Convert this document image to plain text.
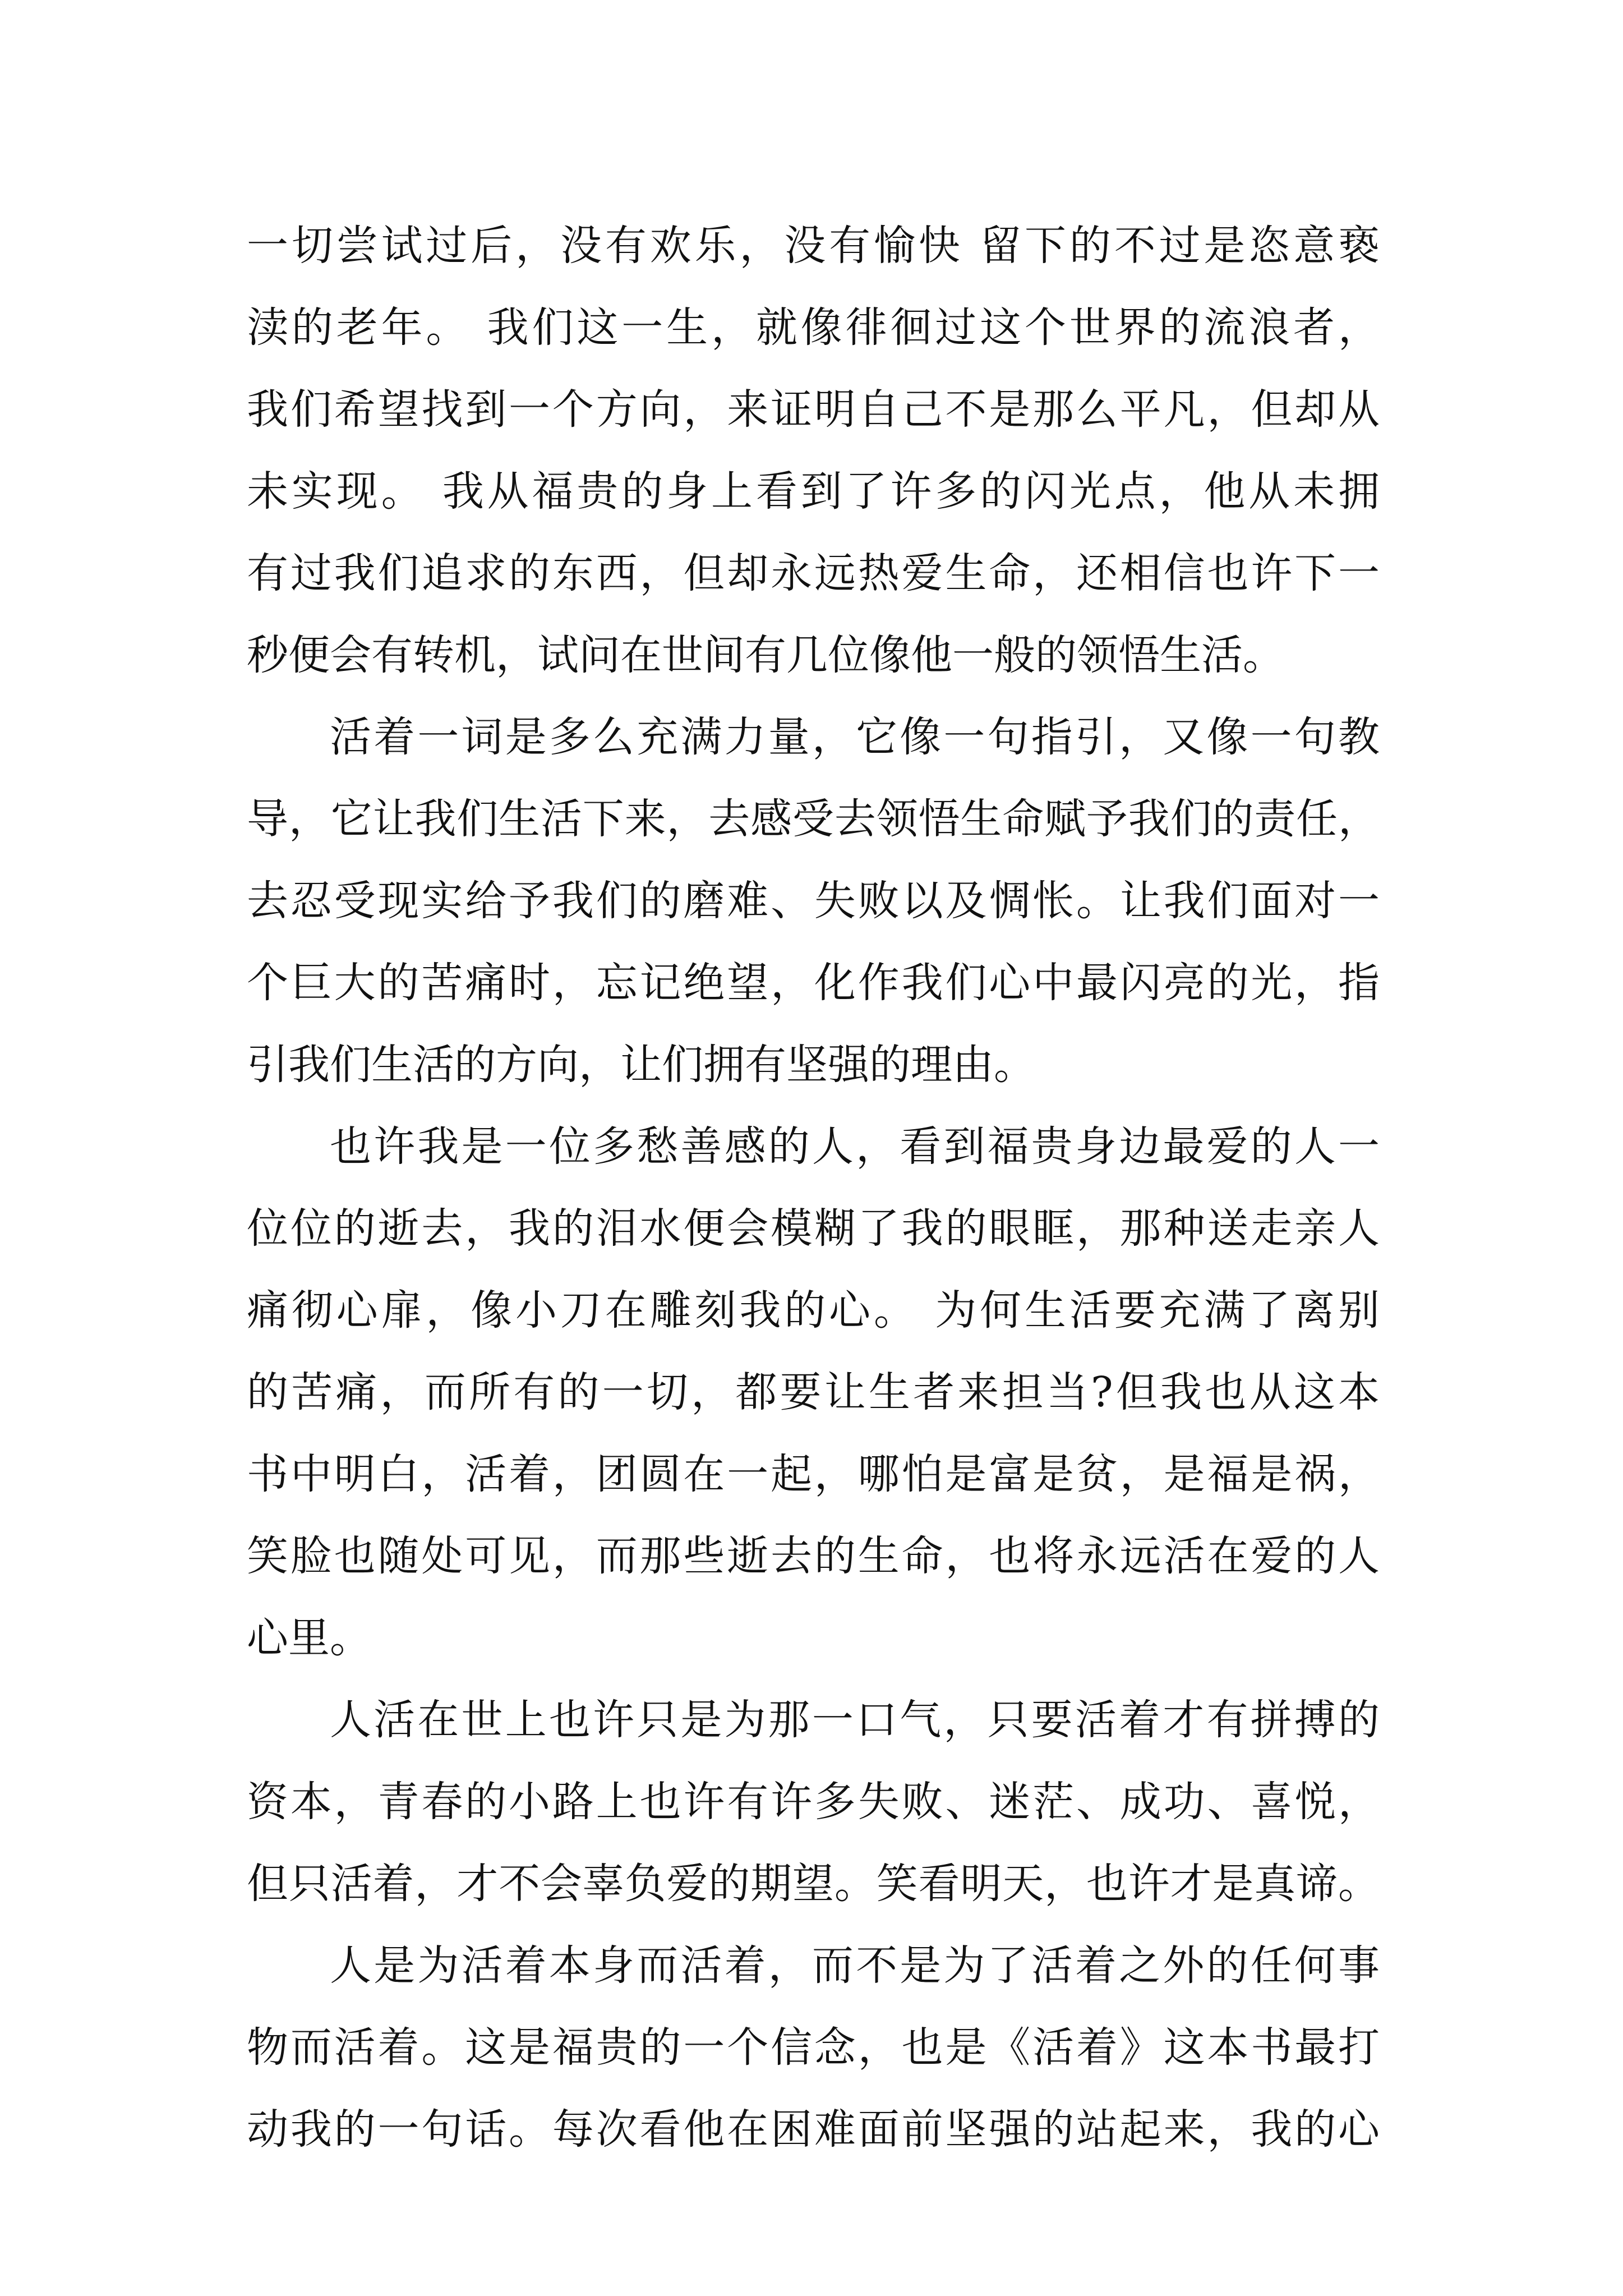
一切尝试过后，没有欢乐，没有愉快 留下的不过是恣意亵
渎的老年。 我们这一生，就像徘徊过这个世界的流浪者，
我们希望找到一个方向，来证明自己不是那么平凡，但却从
未实现。 我从福贵的身上看到了许多的闪光点，他从未拥
有过我们追求的东西，但却永远热爱生命，还相信也许下一
秒便会有转机，试问在世间有几位像他一般的领悟生活。
活着一词是多么充满力量，它像一句指引，又像一句教
导，它让我们生活下来，去感受去领悟生命赋予我们的责任，
去忍受现实给予我们的磨难、失败以及惆怅。让我们面对一
个巨大的苦痛时，忘记绝望，化作我们心中最闪亮的光，指
引我们生活的方向，让们拥有坚强的理由。
也许我是一位多愁善感的人，看到福贵身边最爱的人一
位位的逝去，我的泪水便会模糊了我的眼眶，那种送走亲人
痛彻心扉，像小刀在雕刻我的心。 为何生活要充满了离别
的苦痛，而所有的一切，都要让生者来担当?但我也从这本
书中明白，活着，团圆在一起，哪怕是富是贫，是福是祸，
笑脸也随处可见，而那些逝去的生命，也将永远活在爱的人
心里。
人活在世上也许只是为那一口气，只要活着才有拼搏的
资本，青春的小路上也许有许多失败、迷茫、成功、喜悦，
但只活着，才不会辜负爱的期望。笑看明天，也许才是真谛。
人是为活着本身而活着，而不是为了活着之外的任何事
物而活着。这是福贵的一个信念，也是《活着》这本书最打
动我的一句话。每次看他在困难面前坚强的站起来，我的心
